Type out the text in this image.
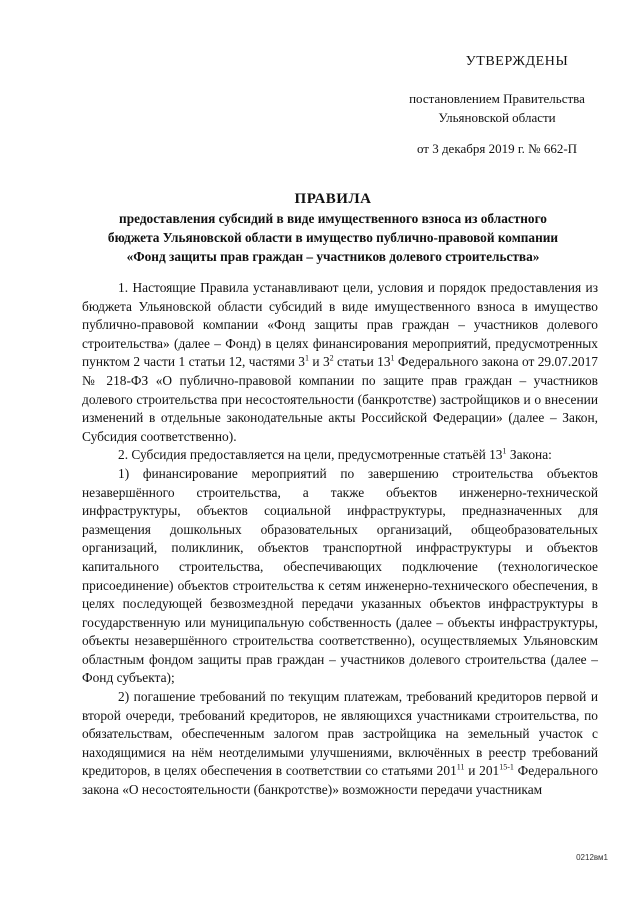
УТВЕРЖДЕНЫ
постановлением Правительства
Ульяновской области
от 3 декабря 2019 г. № 662-П
ПРАВИЛА
предоставления субсидий в виде имущественного взноса из областного
бюджета Ульяновской области в имущество публично-правовой компании
«Фонд защиты прав граждан – участников долевого строительства»

1. Настоящие Правила устанавливают цели, условия и порядок предоставления из бюджета Ульяновской области субсидий в виде имущественного взноса в имущество публично-правовой компании «Фонд защиты прав граждан – участников долевого строительства» (далее – Фонд) в целях финансирования мероприятий, предусмотренных пунктом 2 части 1 статьи 12, частями $3^1$ и $3^2$ статьи $13^1$ Федерального закона от 29.07.2017 № 218-ФЗ «О публично-правовой компании по защите прав граждан – участников долевого строительства при несостоятельности (банкротстве) застройщиков и о внесении изменений в отдельные законодательные акты Российской Федерации» (далее – Закон, Субсидия соответственно).

2. Субсидия предоставляется на цели, предусмотренные статьёй $13^1$ Закона:

1) финансирование мероприятий по завершению строительства объектов незавершённого строительства, а также объектов инженерно-технической инфраструктуры, объектов социальной инфраструктуры, предназначенных для размещения дошкольных образовательных организаций, общеобразовательных организаций, поликлиник, объектов транспортной инфраструктуры и объектов капитального строительства, обеспечивающих подключение (технологическое присоединение) объектов строительства к сетям инженерно-технического обеспечения, в целях последующей безвозмездной передачи указанных объектов инфраструктуры в государственную или муниципальную собственность (далее – объекты инфраструктуры, объекты незавершённого строительства соответственно), осуществляемых Ульяновским областным фондом защиты прав граждан – участников долевого строительства (далее – Фонд субъекта);

2) погашение требований по текущим платежам, требований кредиторов первой и второй очереди, требований кредиторов, не являющихся участниками строительства, по обязательствам, обеспеченным залогом прав застройщика на земельный участок с находящимися на нём неотделимыми улучшениями, включённых в реестр требований кредиторов, в целях обеспечения в соответствии со статьями $201^{11}$ и 201$^{15-1}$ Федерального закона «О несостоятельности (банкротстве)» возможности передачи участникам

0212вм1
